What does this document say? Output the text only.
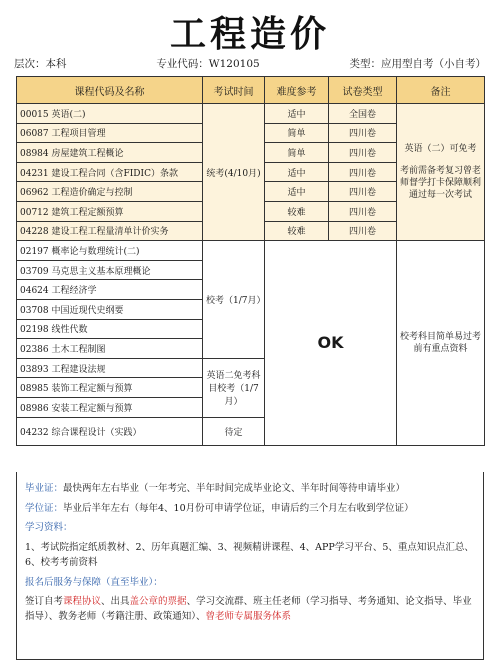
工程造价
层次：本科	专业代码：W120105	类型：应用型自考（小自考）
课程代码及名称	考试时间	难度参考	试卷类型	备注
00015 英语(二)	统考(4/10月)	适中	全国卷	英语（二）可免考
考前需备考复习曾老师督学打卡保障顺利通过每一次考试

06087 工程项目管理		简单	四川卷	
08984 房屋建筑工程概论		简单	四川卷	
04231 建设工程合同（含FIDIC）条款		适中	四川卷	
06962 工程造价确定与控制		适中	四川卷	
00712 建筑工程定额预算		较难	四川卷	
04228 建设工程工程量清单计价实务		较难	四川卷	
02197 概率论与数理统计(二)	校考（1/7月）	OK		校考科目简单易过考前有重点资料
03709 马克思主义基本原理概论				
04624 工程经济学				
03708 中国近现代史纲要				
02198 线性代数				
02386 土木工程制图				
03893 工程建设法规	英语二免考科目校考（1/7月）			
08985 装饰工程定额与预算				
08986 安装工程定额与预算				
04232 综合课程设计（实践）	待定			

毕业证：最快两年左右毕业（一年考完、半年时间完成毕业论文、半年时间等待申请毕业）

学位证：毕业后半年左右（每年4、10月份可申请学位证，申请后约三个月左右收到学位证）

学习资料：

1、考试院指定纸质教材、2、历年真题汇编、3、视频精讲课程、4、APP学习平台、5、重点知识点汇总、6、校考考前资料

报名后服务与保障（直至毕业）：

签订自考课程协议、出具盖公章的票据、学习交流群、班主任老师（学习指导、考务通知、论文指导、毕业指导）、教务老师（考籍注册、政策通知）、曾老师专属服务体系
